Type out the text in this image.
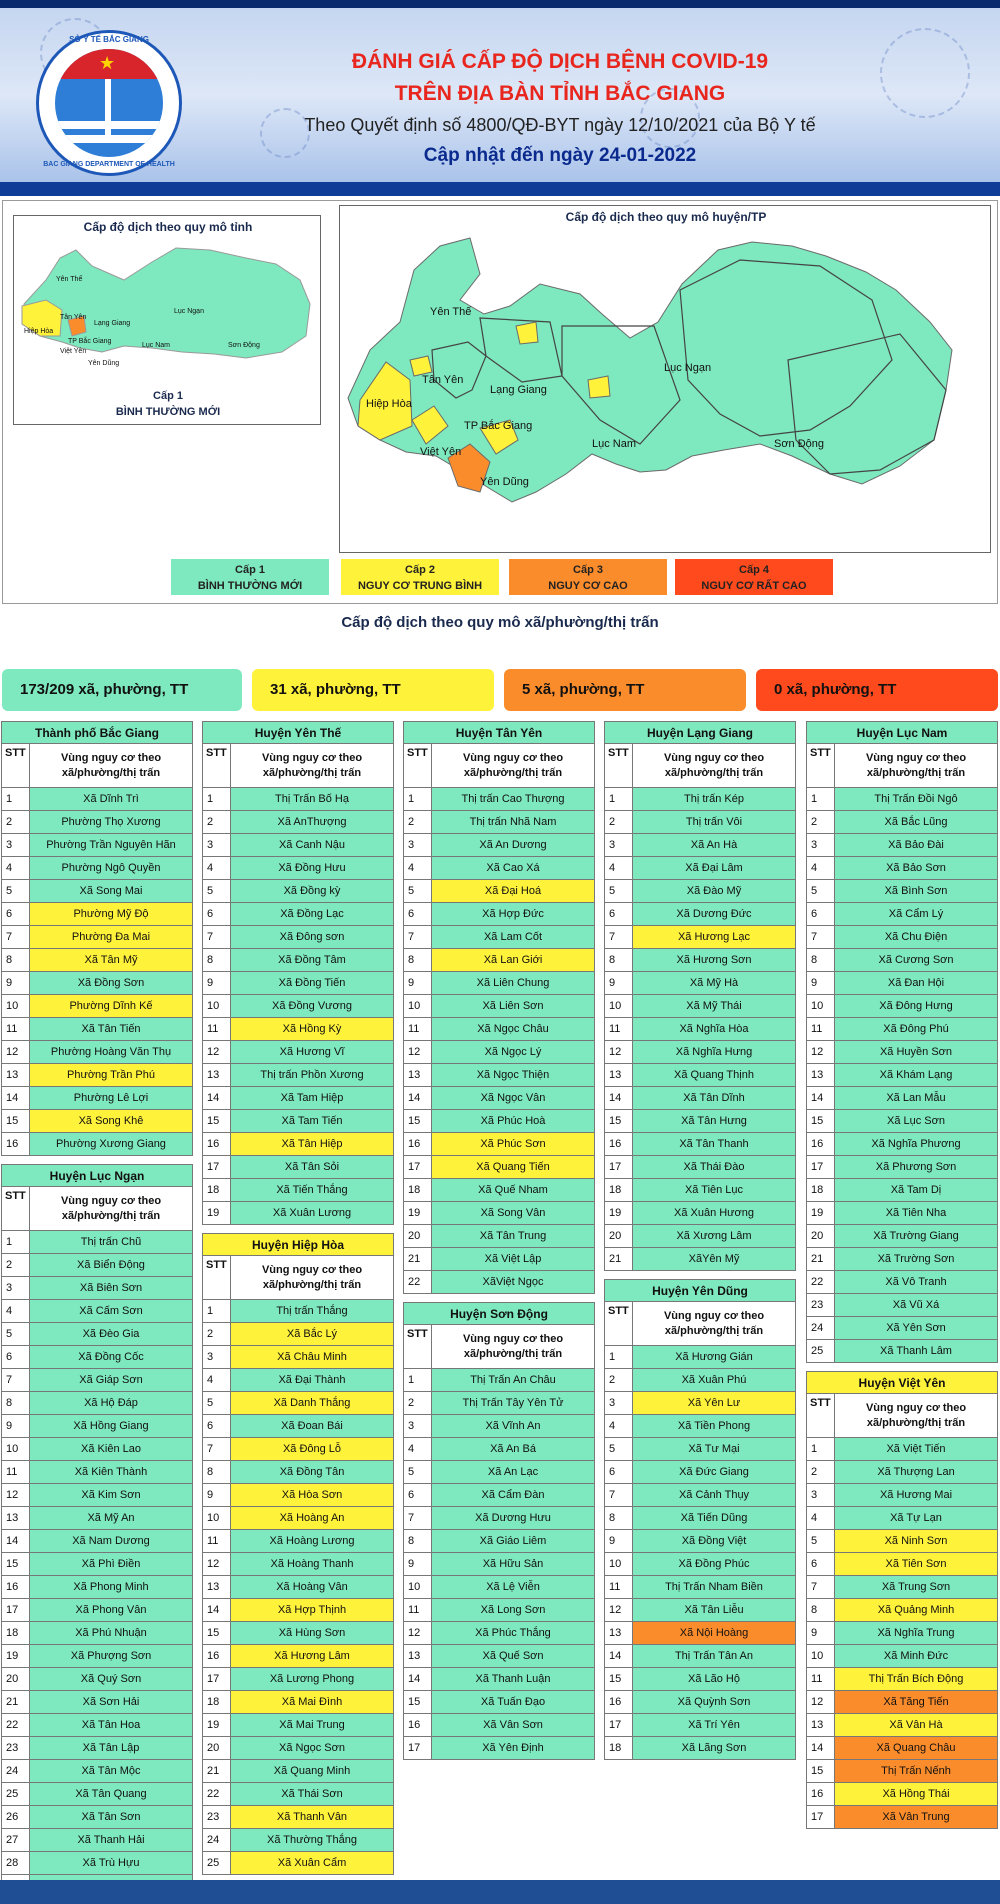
SỞ Y TẾ BẮC GIANG
★
BAC GIANG DEPARTMENT OF HEALTH
ĐÁNH GIÁ CẤP ĐỘ DỊCH BỆNH COVID-19
TRÊN ĐỊA BÀN TỈNH BẮC GIANG
Theo Quyết định số 4800/QĐ-BYT ngày 12/10/2021 của Bộ Y tế
Cập nhật đến ngày 24-01-2022
Cấp độ dịch theo quy mô tỉnh
Yên Thế
Tân Yên
Lạng Giang
Lục Ngạn
Hiệp Hòa
TP Bắc Giang
Lục Nam	Sơn Động
Việt Yên
Yên Dũng
Cấp 1
BÌNH THƯỜNG MỚI
Cấp độ dịch theo quy mô huyện/TP
Yên Thế
Tân Yên
Lạng Giang
Lục Ngạn
Hiệp Hòa
TP Bắc Giang
Lục Nam	Sơn Động
Việt Yên
Yên Dũng
Cấp 1
BÌNH THƯỜNG MỚI
Cấp 2
NGUY CƠ TRUNG BÌNH
Cấp 3
NGUY CƠ CAO
Cấp 4
NGUY CƠ RẤT CAO
Cấp độ dịch theo quy mô xã/phường/thị trấn
173/209 xã, phường, TT	31 xã, phường, TT	5 xã, phường, TT	0 xã, phường, TT
Thành phố Bắc Giang	
STT	Vùng nguy cơ theo xã/phường/thị trấn
1	Xã Dĩnh Trì
2	Phường Thọ Xương
3	Phường Trần Nguyên Hãn
4	Phường Ngô Quyền
5	Xã Song Mai
6	Phường Mỹ Độ
7	Phường Đa Mai
8	Xã Tân Mỹ
9	Xã Đồng Sơn
10	Phường Dĩnh Kế
11	Xã Tân Tiến
12	Phường Hoàng Văn Thụ
13	Phường Trần Phú
14	Phường Lê Lợi
15	Xã Song Khê
16	Phường Xương Giang
Huyện Lục Ngạn	
STT	Vùng nguy cơ theo xã/phường/thị trấn
1	Thị trấn Chũ
2	Xã Biển Động
3	Xã Biên Sơn
4	Xã Cấm Sơn
5	Xã Đèo Gia
6	Xã Đồng Cốc
7	Xã Giáp Sơn
8	Xã Hộ Đáp
9	Xã Hồng Giang
10	Xã Kiên Lao
11	Xã Kiên Thành
12	Xã Kim Sơn
13	Xã Mỹ An
14	Xã Nam Dương
15	Xã Phì Điền
16	Xã Phong Minh
17	Xã Phong Vân
18	Xã Phú Nhuận
19	Xã Phượng Sơn
20	Xã Quý Sơn
21	Xã Sơn Hải
22	Xã Tân Hoa
23	Xã Tân Lập
24	Xã Tân Mộc
25	Xã Tân Quang
26	Xã Tân Sơn
27	Xã Thanh Hải
28	Xã Trù Hựu

Huyện Yên Thế	
STT	Vùng nguy cơ theo xã/phường/thị trấn
1	Thị Trấn Bố Hạ
2	Xã AnThượng
3	Xã Canh Nậu
4	Xã Đồng Hưu
5	Xã Đồng kỳ
6	Xã Đồng Lạc
7	Xã Đông sơn
8	Xã Đồng Tâm
9	Xã Đồng Tiến
10	Xã Đồng Vương
11	Xã Hồng Kỳ
12	Xã Hương Vĩ
13	Thị trấn Phồn Xương
14	Xã Tam Hiệp
15	Xã Tam Tiến
16	Xã Tân Hiệp
17	Xã Tân Sỏi
18	Xã Tiến Thắng
19	Xã Xuân Lương
Huyện Hiệp Hòa	
STT	Vùng nguy cơ theo xã/phường/thị trấn
1	Thị trấn Thắng
2	Xã Bắc Lý
3	Xã Châu Minh
4	Xã Đại Thành
5	Xã Danh Thắng
6	Xã Đoan Bái
7	Xã Đông Lỗ
8	Xã Đồng Tân
9	Xã Hòa Sơn
10	Xã Hoàng An
11	Xã Hoàng Lương
12	Xã Hoàng Thanh
13	Xã Hoàng Vân
14	Xã Hợp Thịnh
15	Xã Hùng Sơn
16	Xã Hương Lâm
17	Xã Lương Phong
18	Xã Mai Đình
19	Xã Mai Trung
20	Xã Ngọc Sơn
21	Xã Quang Minh
22	Xã Thái Sơn
23	Xã Thanh Vân
24	Xã Thường Thắng
25	Xã Xuân Cẩm
Huyện Tân Yên	
STT	Vùng nguy cơ theo xã/phường/thị trấn
1	Thị trấn Cao Thượng
2	Thị trấn Nhã Nam
3	Xã An Dương
4	Xã Cao Xá
5	Xã Đại Hoá
6	Xã Hợp Đức
7	Xã Lam Cốt
8	Xã Lan Giới
9	Xã Liên Chung
10	Xã Liên Sơn
11	Xã Ngọc Châu
12	Xã Ngọc Lý
13	Xã Ngọc Thiện
14	Xã Ngọc Vân
15	Xã Phúc Hoà
16	Xã Phúc Sơn
17	Xã Quang Tiến
18	Xã Quế Nham
19	Xã Song Vân
20	Xã Tân Trung
21	Xã Việt Lập
22	XãViệt Ngọc
Huyện Sơn Động	
STT	Vùng nguy cơ theo xã/phường/thị trấn
1	Thị Trấn An Châu
2	Thị Trấn Tây Yên Tử
3	Xã Vĩnh An
4	Xã An Bá
5	Xã An Lạc
6	Xã Cẩm Đàn
7	Xã Dương Hưu
8	Xã Giáo Liêm
9	Xã Hữu Sản
10	Xã Lệ Viễn
11	Xã Long Sơn
12	Xã Phúc Thắng
13	Xã Quế Sơn
14	Xã Thanh Luận
15	Xã Tuấn Đạo
16	Xã Vân Sơn
17	Xã Yên Định
Huyện Lạng Giang	
STT	Vùng nguy cơ theo xã/phường/thị trấn
1	Thị trấn Kép
2	Thị trấn Vôi
3	Xã An Hà
4	Xã Đại Lâm
5	Xã Đào Mỹ
6	Xã Dương Đức
7	Xã Hương Lạc
8	Xã Hương Sơn
9	Xã Mỹ Hà
10	Xã Mỹ Thái
11	Xã Nghĩa Hòa
12	Xã Nghĩa Hưng
13	Xã Quang Thịnh
14	Xã Tân Dĩnh
15	Xã Tân Hưng
16	Xã Tân Thanh
17	Xã Thái Đào
18	Xã Tiên Lục
19	Xã Xuân Hương
20	Xã Xương Lâm
21	XãYên Mỹ
Huyện Yên Dũng	
STT	Vùng nguy cơ theo xã/phường/thị trấn
1	Xã Hương Gián
2	Xã Xuân Phú
3	Xã Yên Lư
4	Xã Tiền Phong
5	Xã Tư Mại
6	Xã Đức Giang
7	Xã Cảnh Thụy
8	Xã Tiến Dũng
9	Xã Đồng Việt
10	Xã Đồng Phúc
11	Thị Trấn Nham Biền
12	Xã Tân Liễu
13	Xã Nội Hoàng
14	Thị Trấn Tân An
15	Xã Lão Hộ
16	Xã Quỳnh Sơn
17	Xã Trí Yên
18	Xã Lãng Sơn
Huyện Lục Nam	
STT	Vùng nguy cơ theo xã/phường/thị trấn
1	Thị Trấn Đồi Ngô
2	Xã Bắc Lũng
3	Xã Bảo Đài
4	Xã Bảo Sơn
5	Xã Bình Sơn
6	Xã Cẩm Lý
7	Xã Chu Điện
8	Xã Cương Sơn
9	Xã Đan Hội
10	Xã Đông Hưng
11	Xã Đông Phú
12	Xã Huyền Sơn
13	Xã Khám Lạng
14	Xã Lan Mẫu
15	Xã Lục Sơn
16	Xã Nghĩa Phương
17	Xã Phương Sơn
18	Xã Tam Dị
19	Xã Tiên Nha
20	Xã Trường Giang
21	Xã Trường Sơn
22	Xã Vô Tranh
23	Xã Vũ Xá
24	Xã Yên Sơn
25	Xã Thanh Lâm
Huyện Việt Yên	
STT	Vùng nguy cơ theo xã/phường/thị trấn
1	Xã Việt Tiến
2	Xã Thượng Lan
3	Xã Hương Mai
4	Xã Tự Lạn
5	Xã Ninh Sơn
6	Xã Tiên Sơn
7	Xã Trung Sơn
8	Xã Quảng Minh
9	Xã Nghĩa Trung
10	Xã Minh Đức
11	Thị Trấn Bích Động
12	Xã Tăng Tiến
13	Xã Vân Hà
14	Xã Quang Châu
15	Thị Trấn Nếnh
16	Xã Hồng Thái
17	Xã Vân Trung
